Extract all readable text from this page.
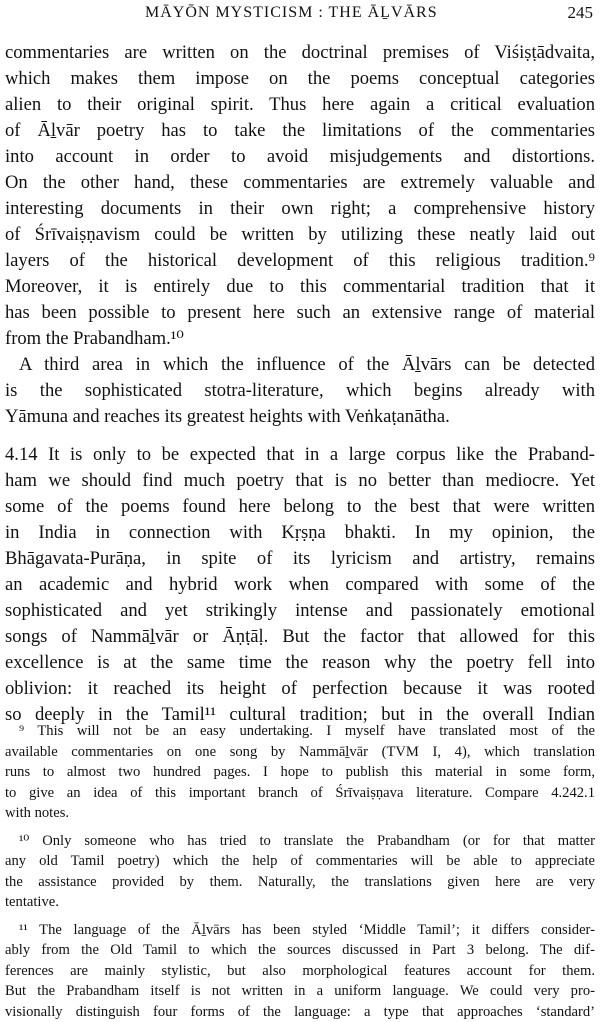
MĀYŌN MYSTICISM : THE ĀḺVĀRS	245
commentaries are written on the doctrinal premises of Viśiṣṭādvaita,
which makes them impose on the poems conceptual categories
alien to their original spirit. Thus here again a critical evaluation
of Āḻvār poetry has to take the limitations of the commentaries
into account in order to avoid misjudgements and distortions.
On the other hand, these commentaries are extremely valuable and
interesting documents in their own right; a comprehensive history
of Śrīvaiṣṇavism could be written by utilizing these neatly laid out
layers of the historical development of this religious tradition.⁹
Moreover, it is entirely due to this commentarial tradition that it
has been possible to present here such an extensive range of material
from the Prabandham.¹⁰
A third area in which the influence of the Āḻvārs can be detected
is the sophisticated stotra-literature, which begins already with
Yāmuna and reaches its greatest heights with Veṅkaṭanātha.
4.14 It is only to be expected that in a large corpus like the Praband-
ham we should find much poetry that is no better than mediocre. Yet
some of the poems found here belong to the best that were written
in India in connection with Kṛṣṇa bhakti. In my opinion, the
Bhāgavata-Purāṇa, in spite of its lyricism and artistry, remains
an academic and hybrid work when compared with some of the
sophisticated and yet strikingly intense and passionately emotional
songs of Nammāḻvār or Āṇṭāḷ. But the factor that allowed for this
excellence is at the same time the reason why the poetry fell into
oblivion: it reached its height of perfection because it was rooted
so deeply in the Tamil¹¹ cultural tradition; but in the overall Indian
⁹ This will not be an easy undertaking. I myself have translated most of the
available commentaries on one song by Nammāḻvār (TVM I, 4), which translation
runs to almost two hundred pages. I hope to publish this material in some form,
to give an idea of this important branch of Śrīvaiṣṇava literature. Compare 4.242.1
with notes.
¹⁰ Only someone who has tried to translate the Prabandham (or for that matter
any old Tamil poetry) which the help of commentaries will be able to appreciate
the assistance provided by them. Naturally, the translations given here are very
tentative.
¹¹ The language of the Āḻvārs has been styled ‘Middle Tamil’; it differs consider-
ably from the Old Tamil to which the sources discussed in Part 3 belong. The dif-
ferences are mainly stylistic, but also morphological features account for them.
But the Prabandham itself is not written in a uniform language. We could very pro-
visionally distinguish four forms of the language: a type that approaches ‘standard’
